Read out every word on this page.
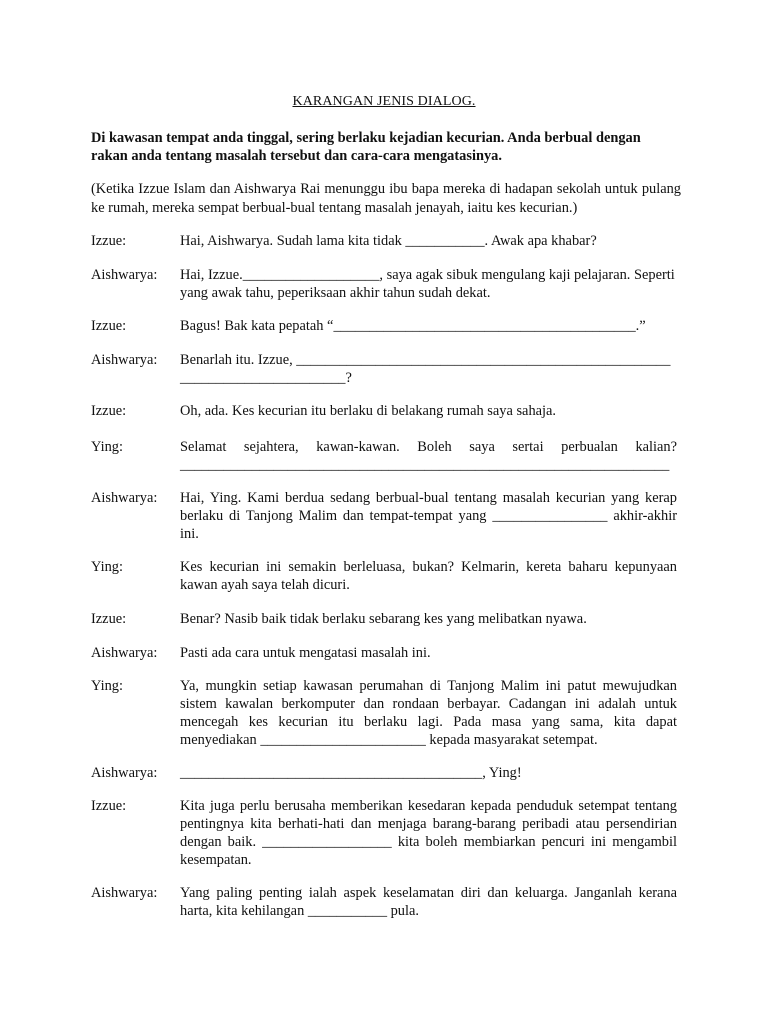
KARANGAN JENIS DIALOG.
Di kawasan tempat anda tinggal, sering berlaku kejadian kecurian. Anda berbual dengan rakan anda tentang masalah tersebut dan cara-cara mengatasinya.
(Ketika Izzue Islam dan Aishwarya Rai menunggu ibu bapa mereka di hadapan sekolah untuk pulang ke rumah, mereka sempat berbual-bual tentang masalah jenayah, iaitu kes kecurian.)
Izzue:	Hai, Aishwarya. Sudah lama kita tidak ___________. Awak apa khabar?
Aishwarya:	Hai, Izzue.___________________, saya agak sibuk mengulang kaji pelajaran. Seperti yang awak tahu, peperiksaan akhir tahun sudah dekat.
Izzue:	Bagus! Bak kata pepatah “__________________________________________.”
Aishwarya:	Benarlah itu. Izzue, ____________________________________________________ _______________________?
Izzue:	Oh, ada. Kes kecurian itu berlaku di belakang rumah saya sahaja.
Ying:	Selamat sejahtera, kawan-kawan. Boleh saya sertai perbualan kalian? ____________________________________________________________________
Aishwarya:	Hai, Ying. Kami berdua sedang berbual-bual tentang masalah kecurian yang kerap berlaku di Tanjong Malim dan tempat-tempat yang ________________ akhir-akhir ini.
Ying:	Kes kecurian ini semakin berleluasa, bukan? Kelmarin, kereta baharu kepunyaan kawan ayah saya telah dicuri.
Izzue:	Benar? Nasib baik tidak berlaku sebarang kes yang melibatkan nyawa.
Aishwarya:	Pasti ada cara untuk mengatasi masalah ini.
Ying:	Ya, mungkin setiap kawasan perumahan di Tanjong Malim ini patut mewujudkan sistem kawalan berkomputer dan rondaan berbayar. Cadangan ini adalah untuk mencegah kes kecurian itu berlaku lagi. Pada masa yang sama, kita dapat menyediakan _______________________ kepada masyarakat setempat.
Aishwarya:	__________________________________________, Ying!
Izzue:	Kita juga perlu berusaha memberikan kesedaran kepada penduduk setempat tentang pentingnya kita berhati-hati dan menjaga barang-barang peribadi atau persendirian dengan baik. __________________ kita boleh membiarkan pencuri ini mengambil kesempatan.
Aishwarya:	Yang paling penting ialah aspek keselamatan diri dan keluarga. Janganlah kerana harta, kita kehilangan ___________ pula.
